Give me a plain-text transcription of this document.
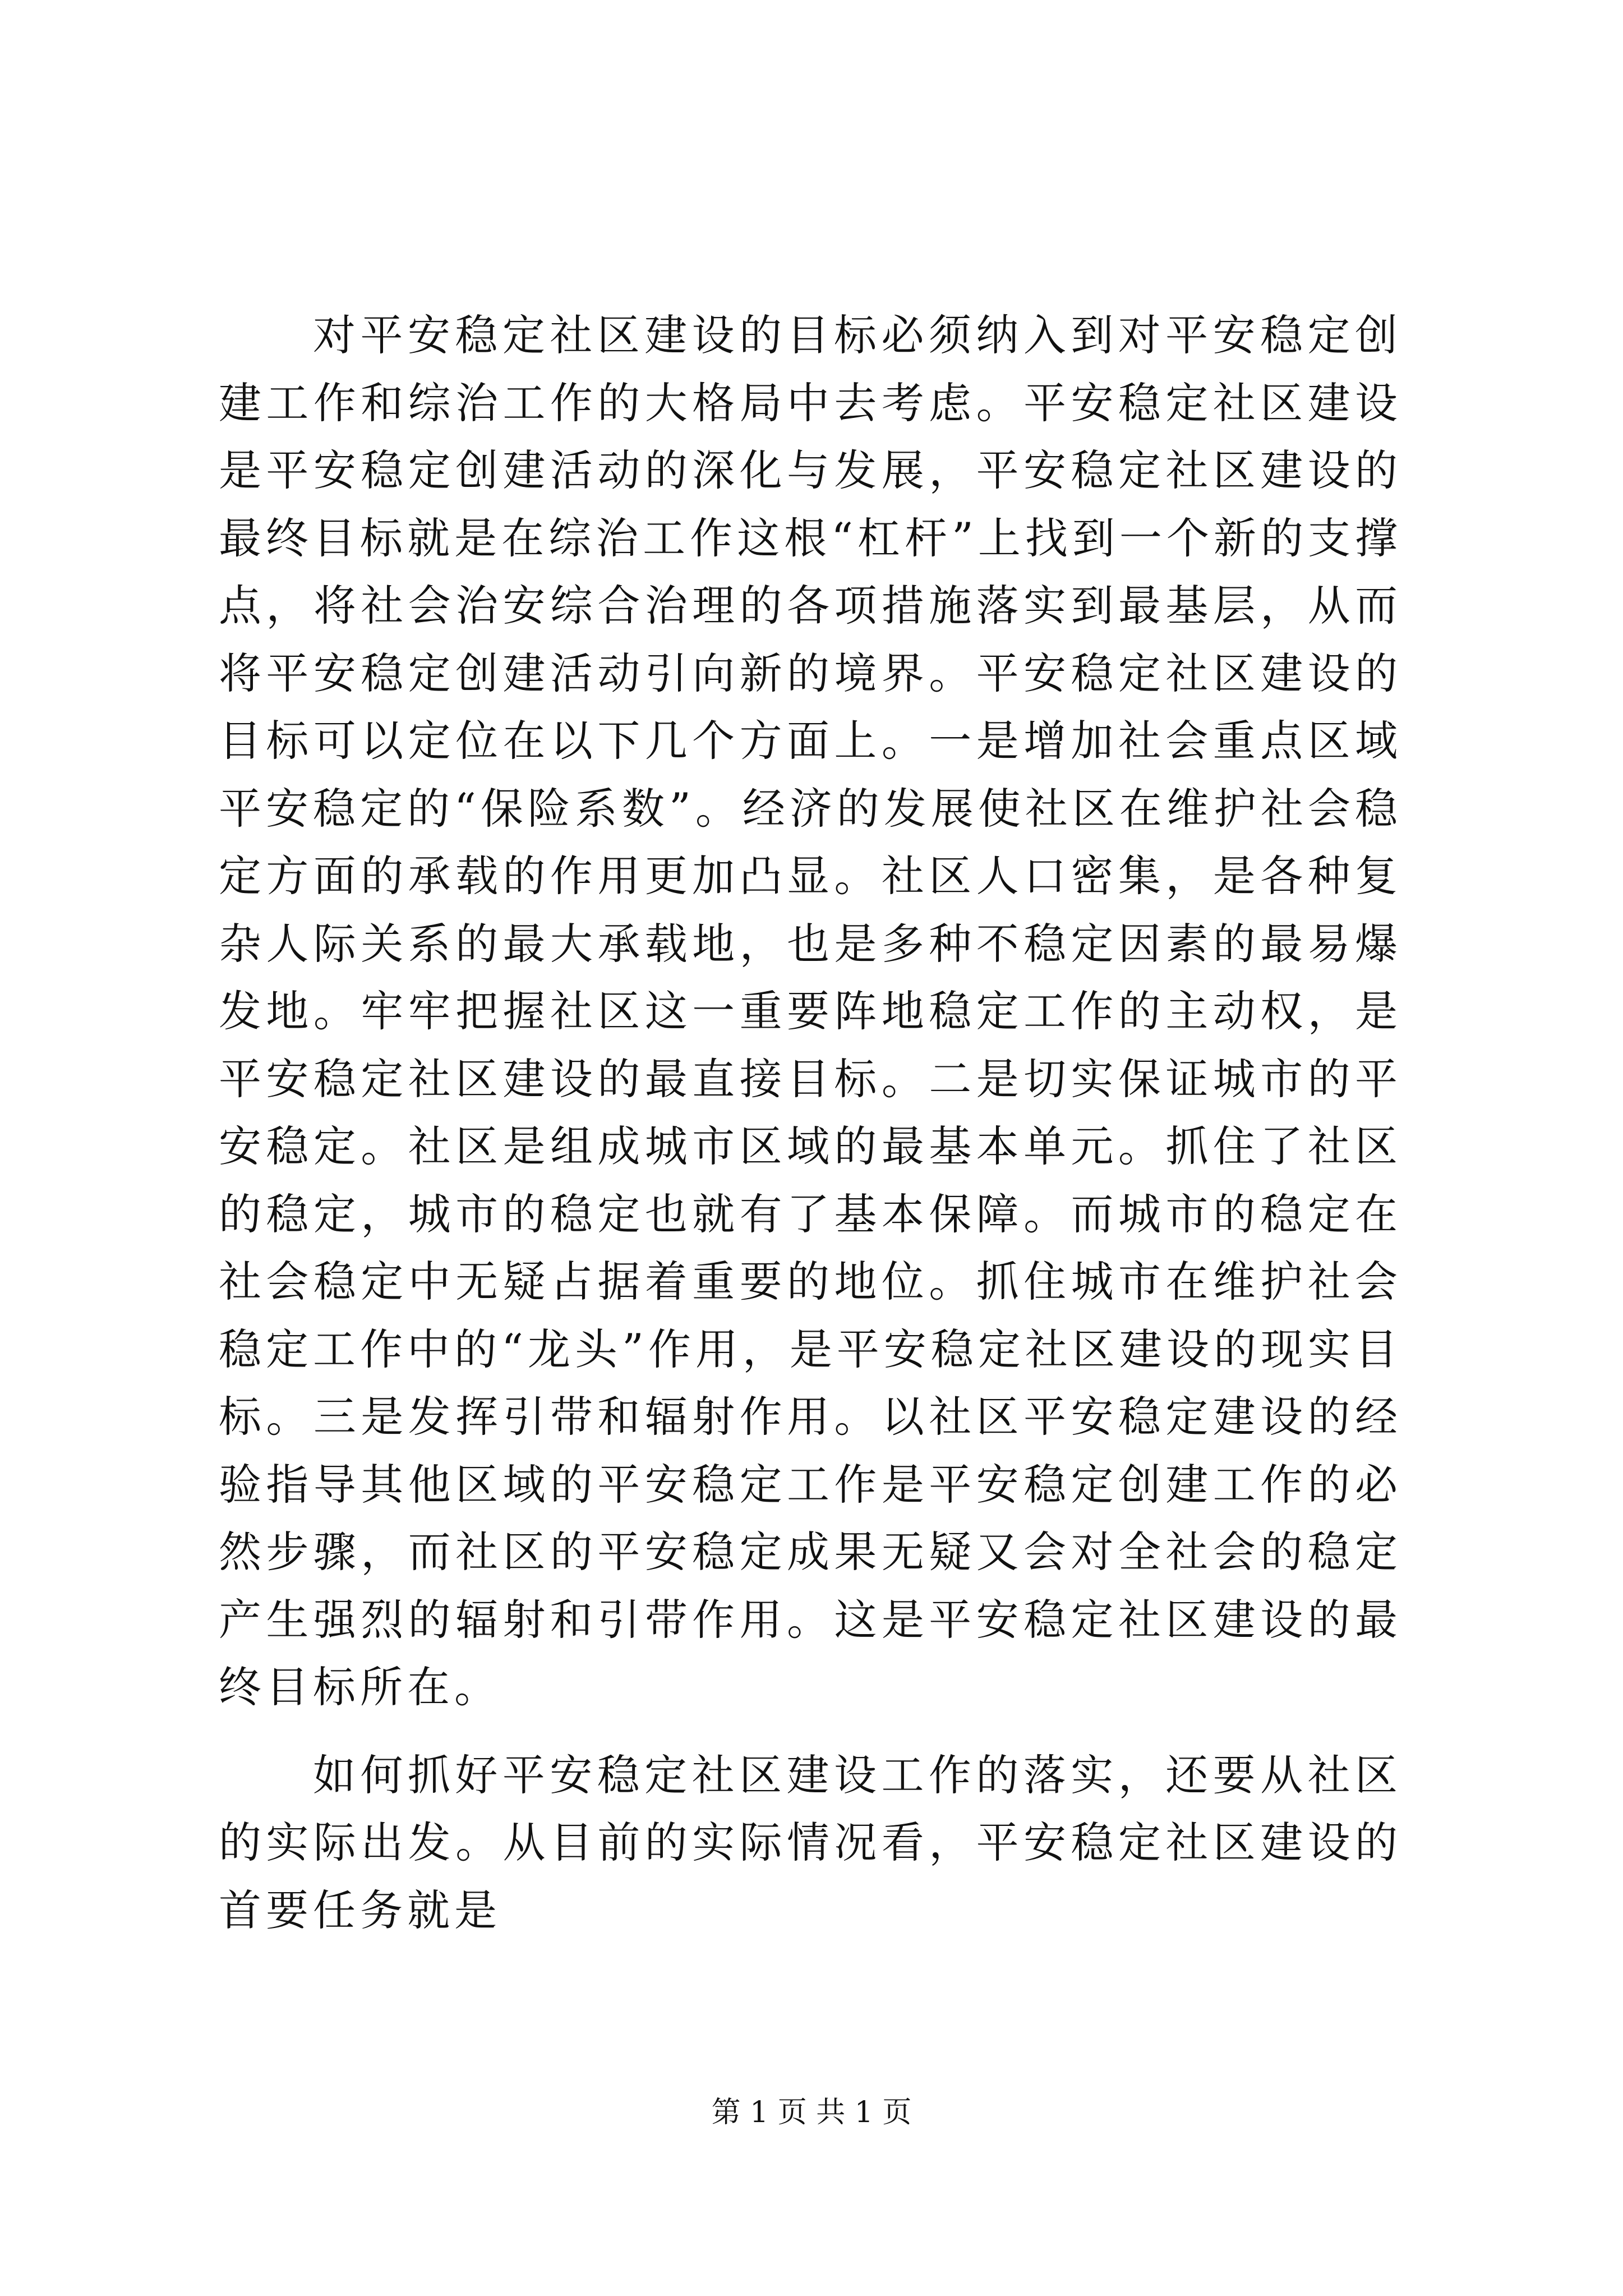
对平安稳定社区建设的目标必须纳入到对平安稳定创建工作和综治工作的大格局中去考虑。平安稳定社区建设是平安稳定创建活动的深化与发展，平安稳定社区建设的最终目标就是在综治工作这根“杠杆”上找到一个新的支撑点，将社会治安综合治理的各项措施落实到最基层，从而将平安稳定创建活动引向新的境界。平安稳定社区建设的目标可以定位在以下几个方面上。一是增加社会重点区域平安稳定的“保险系数”。经济的发展使社区在维护社会稳定方面的承载的作用更加凸显。社区人口密集，是各种复杂人际关系的最大承载地，也是多种不稳定因素的最易爆发地。牢牢把握社区这一重要阵地稳定工作的主动权，是平安稳定社区建设的最直接目标。二是切实保证城市的平安稳定。社区是组成城市区域的最基本单元。抓住了社区的稳定，城市的稳定也就有了基本保障。而城市的稳定在社会稳定中无疑占据着重要的地位。抓住城市在维护社会稳定工作中的“龙头”作用，是平安稳定社区建设的现实目标。三是发挥引带和辐射作用。以社区平安稳定建设的经验指导其他区域的平安稳定工作是平安稳定创建工作的必然步骤，而社区的平安稳定成果无疑又会对全社会的稳定产生强烈的辐射和引带作用。这是平安稳定社区建设的最终目标所在。

如何抓好平安稳定社区建设工作的落实，还要从社区的实际出发。从目前的实际情况看，平安稳定社区建设的首要任务就是

第 1 页 共 1 页
